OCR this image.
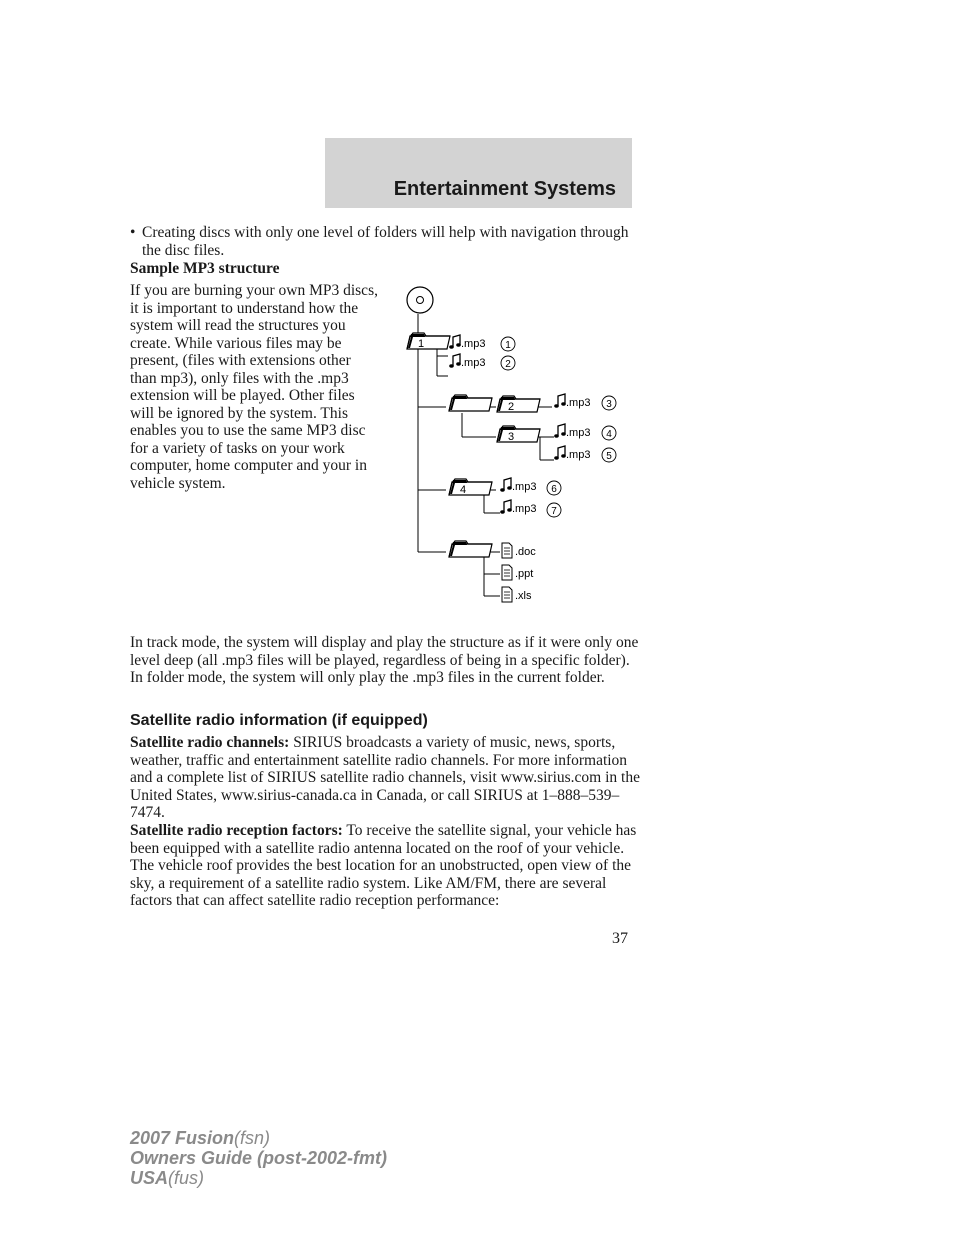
Entertainment Systems
• Creating discs with only one level of folders will help with navigation through the disc files.
Sample MP3 structure
If you are burning your own MP3 discs, it is important to understand how the system will read the structures you create. While various files may be present, (files with extensions other than mp3), only files with the .mp3 extension will be played. Other files will be ignored by the system. This enables you to use the same MP3 disc for a variety of tasks on your work computer, home computer and your in vehicle system.
1
2
3
4
.mp3 1
.mp3 2
.mp3 3
.mp3 4
.mp3 5
.mp3 6
.mp3 7
.doc
.ppt
.xls
In track mode, the system will display and play the structure as if it were only one level deep (all .mp3 files will be played, regardless of being in a specific folder). In folder mode, the system will only play the .mp3 files in the current folder.
Satellite radio information (if equipped)
Satellite radio channels: SIRIUS broadcasts a variety of music, news, sports, weather, traffic and entertainment satellite radio channels. For more information and a complete list of SIRIUS satellite radio channels, visit www.sirius.com in the United States, www.sirius-canada.ca in Canada, or call SIRIUS at 1–888–539–7474.
Satellite radio reception factors: To receive the satellite signal, your vehicle has been equipped with a satellite radio antenna located on the roof of your vehicle. The vehicle roof provides the best location for an unobstructed, open view of the sky, a requirement of a satellite radio system. Like AM/FM, there are several factors that can affect satellite radio reception performance:
37
2007 Fusion(fsn)
Owners Guide (post-2002-fmt)
USA(fus)
